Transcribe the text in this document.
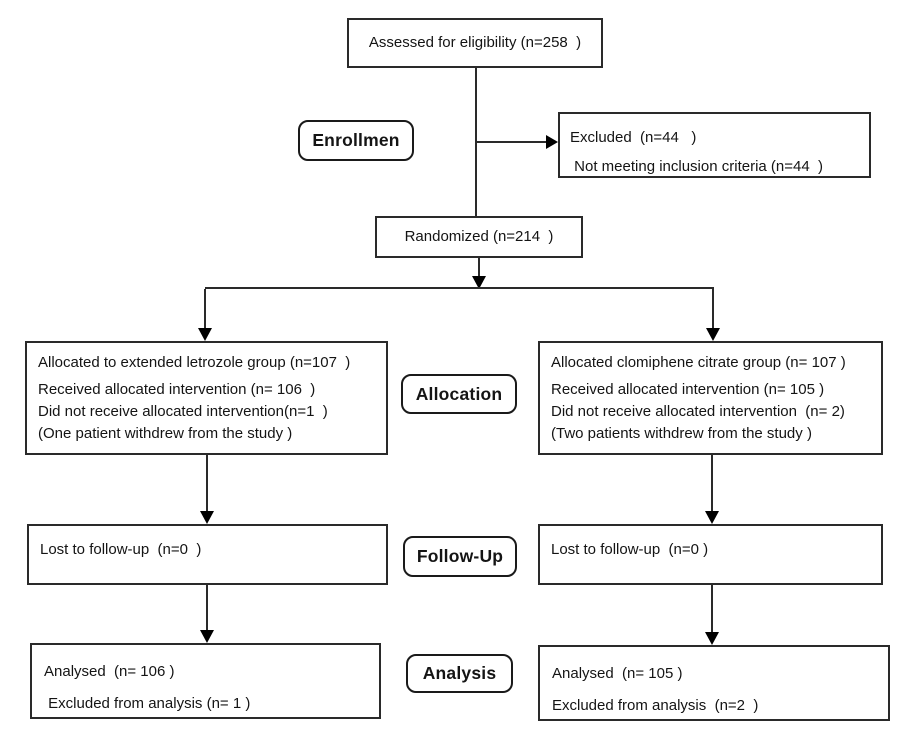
Assessed for eligibility (n=258  )
Enrollmen	Excluded  (n=44   )
Not meeting inclusion criteria (n=44  )
Randomized (n=214  )
Allocated to extended letrozole group (n=107  )
Received allocated intervention (n= 106  )
Did not receive allocated intervention(n=1  )
(One patient withdrew from the study )
Allocation
Allocated clomiphene citrate group (n= 107 )
Received allocated intervention (n= 105 )
Did not receive allocated intervention  (n= 2)
(Two patients withdrew from the study )
Lost to follow-up  (n=0  )	Follow-Up	Lost to follow-up  (n=0 )
Analysed  (n= 106 )
Excluded from analysis (n= 1 )
Analysis	Analysed  (n= 105 )
Excluded from analysis  (n=2  )
